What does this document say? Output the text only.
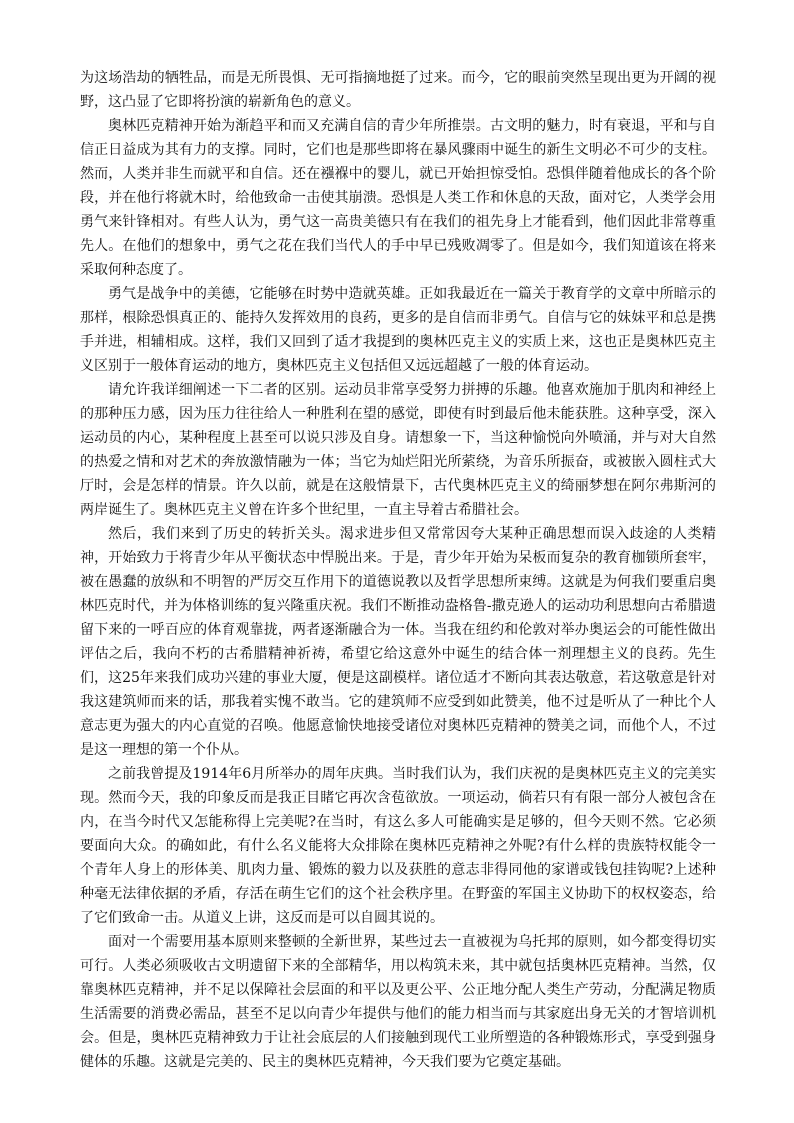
为这场浩劫的牺牲品，而是无所畏惧、无可指摘地挺了过来。而今，它的眼前突然呈现出更为开阔的视野，这凸显了它即将扮演的崭新角色的意义。

奥林匹克精神开始为渐趋平和而又充满自信的青少年所推崇。古文明的魅力，时有衰退，平和与自信正日益成为其有力的支撑。同时，它们也是那些即将在暴风骤雨中诞生的新生文明必不可少的支柱。然而，人类并非生而就平和自信。还在襁褓中的婴儿，就已开始担惊受怕。恐惧伴随着他成长的各个阶段，并在他行将就木时，给他致命一击使其崩溃。恐惧是人类工作和休息的天敌，面对它，人类学会用勇气来针锋相对。有些人认为，勇气这一高贵美德只有在我们的祖先身上才能看到，他们因此非常尊重先人。在他们的想象中，勇气之花在我们当代人的手中早已残败凋零了。但是如今，我们知道该在将来采取何种态度了。

勇气是战争中的美德，它能够在时势中造就英雄。正如我最近在一篇关于教育学的文章中所暗示的那样，根除恐惧真正的、能持久发挥效用的良药，更多的是自信而非勇气。自信与它的妹妹平和总是携手并进，相辅相成。这样，我们又回到了适才我提到的奥林匹克主义的实质上来，这也正是奥林匹克主义区别于一般体育运动的地方，奥林匹克主义包括但又远远超越了一般的体育运动。

请允许我详细阐述一下二者的区别。运动员非常享受努力拼搏的乐趣。他喜欢施加于肌肉和神经上的那种压力感，因为压力往往给人一种胜利在望的感觉，即使有时到最后他未能获胜。这种享受，深入运动员的内心，某种程度上甚至可以说只涉及自身。请想象一下，当这种愉悦向外喷涌，并与对大自然的热爱之情和对艺术的奔放激情融为一体；当它为灿烂阳光所萦绕，为音乐所振奋，或被嵌入圆柱式大厅时，会是怎样的情景。许久以前，就是在这般情景下，古代奥林匹克主义的绮丽梦想在阿尔弗斯河的两岸诞生了。奥林匹克主义曾在许多个世纪里，一直主导着古希腊社会。

然后，我们来到了历史的转折关头。渴求进步但又常常因夸大某种正确思想而误入歧途的人类精神，开始致力于将青少年从平衡状态中悍脱出来。于是，青少年开始为呆板而复杂的教育枷锁所套牢，被在愚蠢的放纵和不明智的严厉交互作用下的道德说教以及哲学思想所束缚。这就是为何我们要重启奥林匹克时代，并为体格训练的复兴隆重庆祝。我们不断推动盎格鲁-撒克逊人的运动功利思想向古希腊遗留下来的一呼百应的体育观靠拢，两者逐渐融合为一体。当我在纽约和伦敦对举办奥运会的可能性做出评估之后，我向不朽的古希腊精神祈祷，希望它给这意外中诞生的结合体一剂理想主义的良药。先生们，这25年来我们成功兴建的事业大厦，便是这副模样。诸位适才不断向其表达敬意，若这敬意是针对我这建筑师而来的话，那我着实愧不敢当。它的建筑师不应受到如此赞美，他不过是听从了一种比个人意志更为强大的内心直觉的召唤。他愿意愉快地接受诸位对奥林匹克精神的赞美之词，而他个人，不过是这一理想的第一个仆从。

之前我曾提及1914年6月所举办的周年庆典。当时我们认为，我们庆祝的是奥林匹克主义的完美实现。然而今天，我的印象反而是我正目睹它再次含苞欲放。一项运动，倘若只有有限一部分人被包含在内，在当今时代又怎能称得上完美呢?在当时，有这么多人可能确实是足够的，但今天则不然。它必须要面向大众。的确如此，有什么名义能将大众排除在奥林匹克精神之外呢?有什么样的贵族特权能令一个青年人身上的形体美、肌肉力量、锻炼的毅力以及获胜的意志非得同他的家谱或钱包挂钩呢?上述种种毫无法律依据的矛盾，存活在萌生它们的这个社会秩序里。在野蛮的军国主义协助下的权权姿态，给了它们致命一击。从道义上讲，这反而是可以自圆其说的。

面对一个需要用基本原则来整顿的全新世界，某些过去一直被视为乌托邦的原则，如今都变得切实可行。人类必须吸收古文明遗留下来的全部精华，用以构筑未来，其中就包括奥林匹克精神。当然，仅靠奥林匹克精神，并不足以保障社会层面的和平以及更公平、公正地分配人类生产劳动，分配满足物质生活需要的消费必需品，甚至不足以向青少年提供与他们的能力相当而与其家庭出身无关的才智培训机会。但是，奥林匹克精神致力于让社会底层的人们接触到现代工业所塑造的各种锻炼形式，享受到强身健体的乐趣。这就是完美的、民主的奥林匹克精神，今天我们要为它奠定基础。
